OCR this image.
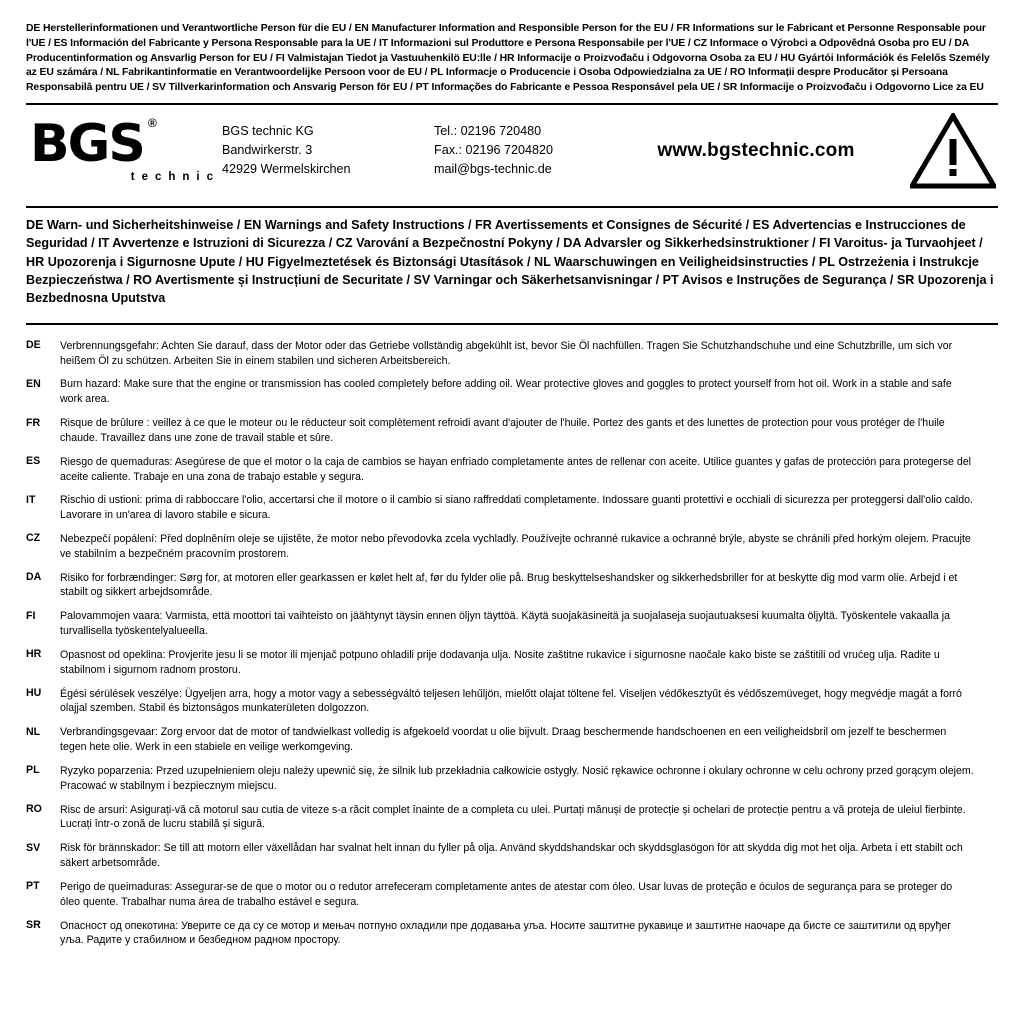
DE Herstellerinformationen und Verantwortliche Person für die EU / EN Manufacturer Information and Responsible Person for the EU / FR Informations sur le Fabricant et Personne Responsable pour l'UE / ES Información del Fabricante y Persona Responsable para la UE / IT Informazioni sul Produttore e Persona Responsabile per l'UE / CZ Informace o Výrobci a Odpovědná Osoba pro EU / DA Producentinformation og Ansvarlig Person for EU / FI Valmistajan Tiedot ja Vastuuhenkilö EU:lle / HR Informacije o Proizvođaču i Odgovorna Osoba za EU / HU Gyártói Információk és Felelős Személy az EU számára / NL Fabrikantinformatie en Verantwoordelijke Persoon voor de EU / PL Informacje o Producencie i Osoba Odpowiedzialna za UE / RO Informații despre Producător și Persoana Responsabilă pentru UE / SV Tillverkarinformation och Ansvarig Person för EU / PT Informações do Fabricante e Pessoa Responsável pela UE / SR Informacije o Proizvođaču i Odgovorno Lice za EU
BGS ®
technic
BGS technic KG
Bandwirkerstr. 3
42929 Wermelskirchen
Tel.: 02196 720480
Fax.: 02196 7204820
mail@bgs-technic.de
www.bgstechnic.com
DE Warn- und Sicherheitshinweise / EN Warnings and Safety Instructions / FR Avertissements et Consignes de Sécurité / ES Advertencias e Instrucciones de Seguridad / IT Avvertenze e Istruzioni di Sicurezza / CZ Varování a Bezpečnostní Pokyny / DA Advarsler og Sikkerhedsinstruktioner / FI Varoitus- ja Turvaohjeet / HR Upozorenja i Sigurnosne Upute / HU Figyelmeztetések és Biztonsági Utasítások / NL Waarschuwingen en Veiligheidsinstructies / PL Ostrzeżenia i Instrukcje Bezpieczeństwa / RO Avertismente și Instrucțiuni de Securitate / SV Varningar och Säkerhetsanvisningar / PT Avisos e Instruções de Segurança / SR Upozorenja i Bezbednosna Uputstva
DE	Verbrennungsgefahr: Achten Sie darauf, dass der Motor oder das Getriebe vollständig abgekühlt ist, bevor Sie Öl nachfüllen. Tragen Sie Schutzhandschuhe und eine Schutzbrille, um sich vor heißem Öl zu schützen. Arbeiten Sie in einem stabilen und sicheren Arbeitsbereich.
EN	Burn hazard: Make sure that the engine or transmission has cooled completely before adding oil. Wear protective gloves and goggles to protect yourself from hot oil. Work in a stable and safe work area.
FR	Risque de brûlure : veillez à ce que le moteur ou le réducteur soit complètement refroidi avant d'ajouter de l'huile. Portez des gants et des lunettes de protection pour vous protéger de l'huile chaude. Travaillez dans une zone de travail stable et sûre.
ES	Riesgo de quemaduras: Asegúrese de que el motor o la caja de cambios se hayan enfriado completamente antes de rellenar con aceite. Utilice guantes y gafas de protección para protegerse del aceite caliente. Trabaje en una zona de trabajo estable y segura.
IT	Rischio di ustioni: prima di rabboccare l'olio, accertarsi che il motore o il cambio si siano raffreddati completamente. Indossare guanti protettivi e occhiali di sicurezza per proteggersi dall'olio caldo. Lavorare in un'area di lavoro stabile e sicura.
CZ	Nebezpečí popálení: Před doplněním oleje se ujistěte, že motor nebo převodovka zcela vychladly. Používejte ochranné rukavice a ochranné brýle, abyste se chránili před horkým olejem. Pracujte ve stabilním a bezpečném pracovním prostorem.
DA	Risiko for forbrændinger: Sørg for, at motoren eller gearkassen er kølet helt af, før du fylder olie på. Brug beskyttelseshandsker og sikkerhedsbriller for at beskytte dig mod varm olie. Arbejd i et stabilt og sikkert arbejdsområde.
FI	Palovammojen vaara: Varmista, että moottori tai vaihteisto on jäähtynyt täysin ennen öljyn täyttöä. Käytä suojakäsineitä ja suojalaseja suojautuaksesi kuumalta öljyltä. Työskentele vakaalla ja turvallisella työskentelyalueella.
HR	Opasnost od opeklina: Provjerite jesu li se motor ili mjenjač potpuno ohladili prije dodavanja ulja. Nosite zaštitne rukavice i sigurnosne naočale kako biste se zaštitili od vrućeg ulja. Radite u stabilnom i sigurnom radnom prostoru.
HU	Égési sérülések veszélye: Ügyeljen arra, hogy a motor vagy a sebességváltó teljesen lehűljön, mielőtt olajat töltene fel. Viseljen védőkesztyűt és védőszemüveget, hogy megvédje magát a forró olajjal szemben. Stabil és biztonságos munkaterületen dolgozzon.
NL	Verbrandingsgevaar: Zorg ervoor dat de motor of tandwielkast volledig is afgekoeld voordat u olie bijvult. Draag beschermende handschoenen en een veiligheidsbril om jezelf te beschermen tegen hete olie. Werk in een stabiele en veilige werkomgeving.
PL	Ryzyko poparzenia: Przed uzupełnieniem oleju należy upewnić się, że silnik lub przekładnia całkowicie ostygły. Nosić rękawice ochronne i okulary ochronne w celu ochrony przed gorącym olejem. Pracować w stabilnym i bezpiecznym miejscu.
RO	Risc de arsuri: Asigurați-vă că motorul sau cutia de viteze s-a răcit complet înainte de a completa cu ulei. Purtați mănuși de protecție și ochelari de protecție pentru a vă proteja de uleiul fierbinte. Lucrați într-o zonă de lucru stabilă și sigură.
SV	Risk för brännskador: Se till att motorn eller växellådan har svalnat helt innan du fyller på olja. Använd skyddshandskar och skyddsglasögon för att skydda dig mot het olja. Arbeta i ett stabilt och säkert arbetsområde.
PT	Perigo de queimaduras: Assegurar-se de que o motor ou o redutor arrefeceram completamente antes de atestar com óleo. Usar luvas de proteção e óculos de segurança para se proteger do óleo quente. Trabalhar numa área de trabalho estável e segura.
SR	Опасност од опекотина: Уверите се да су се мотор и мењач потпуно охладили пре додавања уља. Носите заштитне рукавице и заштитне наочаре да бисте се заштитили од вруђег уља. Радите у стабилном и безбедном радном простору.
